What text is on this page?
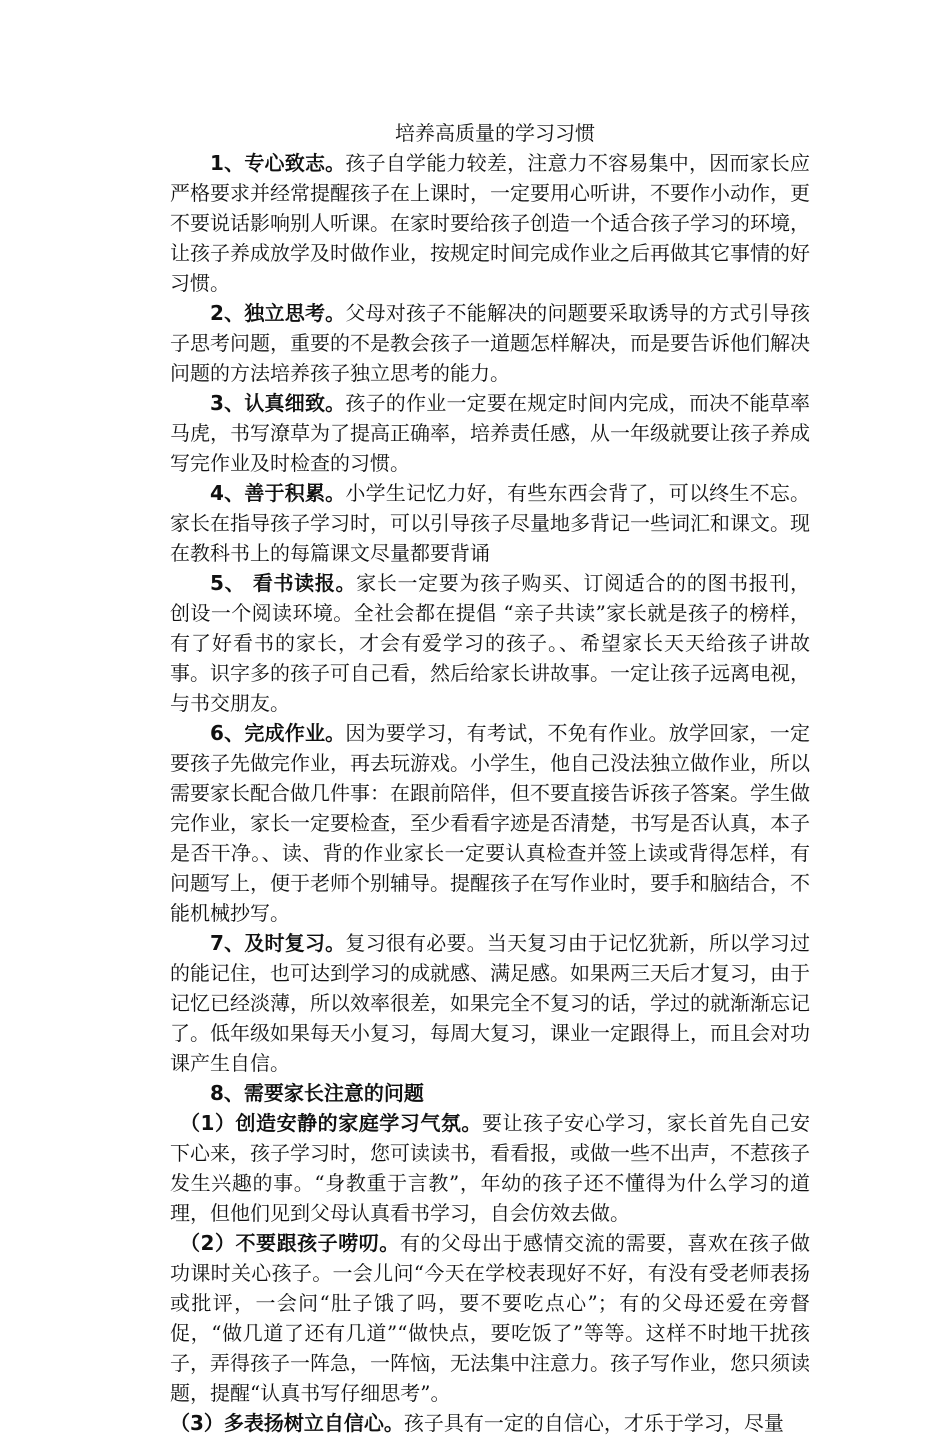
培养高质量的学习习惯

1、专心致志。孩子自学能力较差，注意力不容易集中，因而家长应严格要求并经常提醒孩子在上课时，一定要用心听讲，不要作小动作，更不要说话影响别人听课。在家时要给孩子创造一个适合孩子学习的环境，让孩子养成放学及时做作业，按规定时间完成作业之后再做其它事情的好习惯。

2、独立思考。父母对孩子不能解决的问题要采取诱导的方式引导孩子思考问题，重要的不是教会孩子一道题怎样解决，而是要告诉他们解决问题的方法培养孩子独立思考的能力。

3、认真细致。孩子的作业一定要在规定时间内完成，而决不能草率马虎，书写潦草为了提高正确率，培养责任感，从一年级就要让孩子养成写完作业及时检查的习惯。

4、善于积累。小学生记忆力好，有些东西会背了，可以终生不忘。家长在指导孩子学习时，可以引导孩子尽量地多背记一些词汇和课文。现在教科书上的每篇课文尽量都要背诵

5、 看书读报。家长一定要为孩子购买、订阅适合的的图书报刊，创设一个阅读环境。全社会都在提倡 “亲子共读”家长就是孩子的榜样，有了好看书的家长，才会有爱学习的孩子。、希望家长天天给孩子讲故事。识字多的孩子可自己看，然后给家长讲故事。一定让孩子远离电视，与书交朋友。

6、完成作业。因为要学习，有考试，不免有作业。放学回家，一定要孩子先做完作业，再去玩游戏。小学生，他自己没法独立做作业，所以需要家长配合做几件事：在跟前陪伴，但不要直接告诉孩子答案。学生做完作业，家长一定要检查，至少看看字迹是否清楚，书写是否认真，本子是否干净。、读、背的作业家长一定要认真检查并签上读或背得怎样，有问题写上，便于老师个别辅导。提醒孩子在写作业时，要手和脑结合，不能机械抄写。

7、及时复习。复习很有必要。当天复习由于记忆犹新，所以学习过的能记住，也可达到学习的成就感、满足感。如果两三天后才复习，由于记忆已经淡薄，所以效率很差，如果完全不复习的话，学过的就渐渐忘记了。低年级如果每天小复习，每周大复习，课业一定跟得上，而且会对功课产生自信。

8、需要家长注意的问题

（1）创造安静的家庭学习气氛。要让孩子安心学习，家长首先自己安下心来，孩子学习时，您可读读书，看看报，或做一些不出声，不惹孩子发生兴趣的事。“身教重于言教”，年幼的孩子还不懂得为什么学习的道理，但他们见到父母认真看书学习，自会仿效去做。

（2）不要跟孩子唠叨。有的父母出于感情交流的需要，喜欢在孩子做功课时关心孩子。一会儿问“今天在学校表现好不好，有没有受老师表扬或批评，一会问“肚子饿了吗，要不要吃点心”；有的父母还爱在旁督促，“做几道了还有几道”“做快点，要吃饭了”等等。这样不时地干扰孩子，弄得孩子一阵急，一阵恼，无法集中注意力。孩子写作业，您只须读题，提醒“认真书写仔细思考”。

（3）多表扬树立自信心。孩子具有一定的自信心，才乐于学习，尽量
